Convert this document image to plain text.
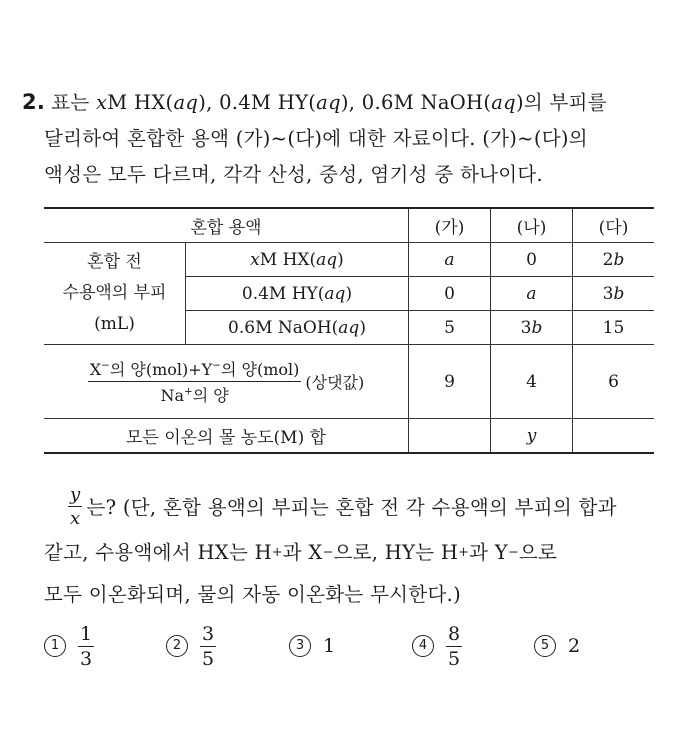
2. 표는 xM HX(aq), 0.4M HY(aq), 0.6M NaOH(aq)의 부피를
달리하여 혼합한 용액 (가)~(다)에 대한 자료이다. (가)~(다)의
액성은 모두 다르며, 각각 산성, 중성, 염기성 중 하나이다.
혼합 용액		(가)	(나)	(다)

혼합 전
수용액의 부피
(mL)	xM HX(aq)	a	0	2b
	0.4M HY(aq)	0	a	3b
	0.6M NaOH(aq)	5	3b	15

$\frac{X^-의 양(mol)+Y^-의 양(mol)}{Na^+의 양}$ (상댓값)		9	4	6
모든 이온의 몰 농도(M) 합			y	
$\frac{y}{x}$ 는? (단, 혼합 용액의 부피는 혼합 전 각 수용액의 부피의 합과
같고, 수용액에서 HX는 H + 과 X − 으로, HY는 H + 과 Y − 으로
모두 이온화되며, 물의 자동 이온화는 무시한다.)
$1 \frac{1}{3}$	$2 \frac{3}{5}$	3 1	$4 \frac{8}{5}$	5 2
